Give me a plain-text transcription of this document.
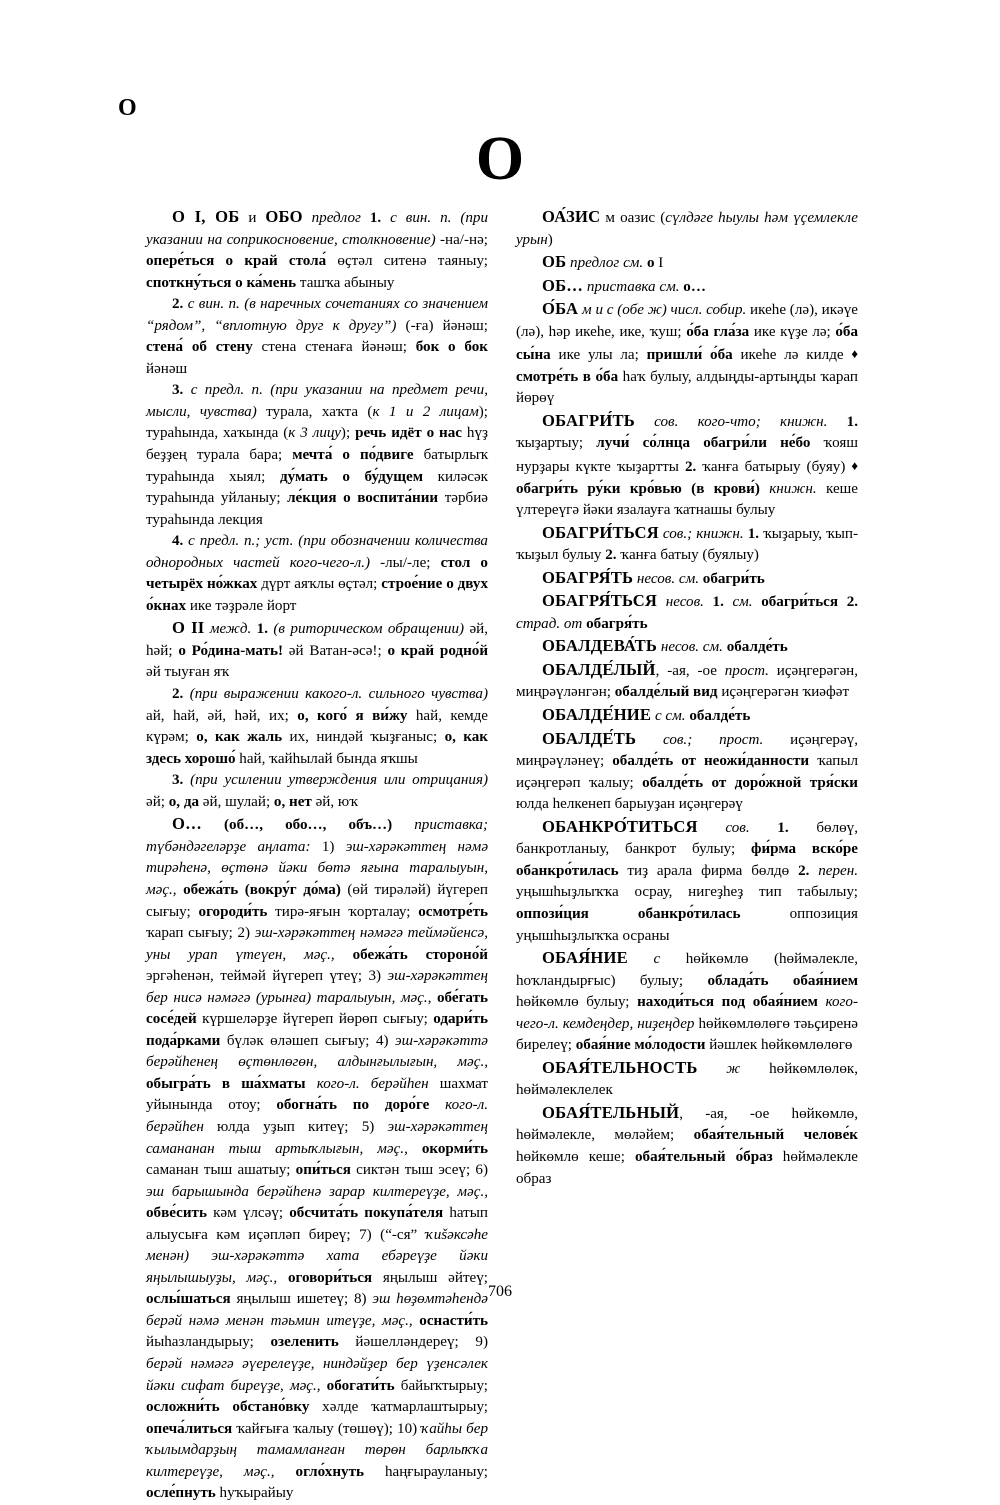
О
О

О I, ОБ и ОБО предлог 1. с вин. п. (при указании на соприкосновение, столкновение) -на/-нә; опере́ться о край стола́ өҫтәл ситенә таяныу; споткну́ться о ка́мень ташҡа абыныу

2. с вин. п. (в наречных сочетаниях со значением “рядом”, “вплотную друг к другу”) (-ға) йәнәш; стена́ об стену стена стенаға йәнәш; бок о бок йәнәш

3. с предл. п. (при указании на предмет речи, мысли, чувства) турала, хаҡта (к 1 и 2 лицам); тураһында, хаҡында (к 3 лицу); речь идёт о нас һүҙ беҙҙең турала бара; мечта́ о по́двиге батырлыҡ тураһында хыял; ду́мать о бу́дущем киләсәк тураһында уйланыу; ле́кция о воспита́нии тәрбиә тураһында лекция

4. с предл. п.; уст. (при обозначении количества однородных частей кого-чего-л.) -лы/-ле; стол о четырёх но́жках дүрт аяҡлы өҫтәл; строе́ние о двух о́кнах ике тәҙрәле йорт

О II межд. 1. (в риторическом обращении) әй, һәй; о Ро́дина-мать! әй Ватан-әсә!; о край родно́й әй тыуған яҡ

2. (при выражении какого-л. сильного чувства) ай, һай, әй, һәй, их; о, кого́ я ви́жу һай, кемде күрәм; о, как жаль их, ниндәй ҡыҙғаныс; о, как здесь хорошо́ һай, ҡайһылай бында яҡшы

3. (при усилении утверждения или отрицания) әй; о, да әй, шулай; о, нет әй, юҡ

О… (об…, обо…, объ…) приставка; түбәндәгеләрҙе аңлата: 1) эш-хәрәкәттең нәмә тирәһенә, өҫтөнә йәки бөтә яғына таралыуын, мәҫ., обежа́ть (вокру́г до́ма) (өй тирәләй) йүгереп сығыу; огороди́ть тирә-яғын ҡорталау; осмотре́ть ҡарап сығыу; 2) эш-хәрәкәттең нәмәгә теймәйенсә, уны урап үтеүен, мәҫ., обежа́ть стороно́й эргәһенән, теймәй йүгереп үтеү; 3) эш-хәрәкәттең бер нисә нәмәгә (урынға) таралыуын, мәҫ., обе́гать сосе́дей күршеләрҙе йүгереп йөрөп сығыу; одари́ть пода́рками бүләк өләшеп сығыу; 4) эш-хәрәкәттә берәйһенең өҫтөнлөгөн, алдынғылығын, мәҫ., обыгра́ть в ша́хматы кого-л. берәйһен шахмат уйынында отоу; обогна́ть по доро́ге кого-л. берәйһен юлда уҙып китеү; 5) эш-хәрәкәттең самананан тыш артыҡлығын, мәҫ., окорми́ть саманан тыш ашатыу; опи́ться сиктән тыш эсеү; 6) эш барышында берәйһенә зарар килтереүҙе, мәҫ., обве́сить кәм үлсәү; обсчита́ть покупа́теля һатып алыусыға кәм иҫәпләп биреү; 7) (“-ся” ҡušәксәһе менән) эш-хәрәкәттә хата ебәреүҙе йәки яңылышыуҙы, мәҫ., оговори́ться яңылыш әйтеү; ослы́шаться яңылыш ишетеү; 8) эш һөҙөмтәһендә берәй нәмә менән тәьмин итеүҙе, мәҫ., оснасти́ть йыһазландырыу; озеленить йәшелләндереү; 9) берәй нәмәгә әүерелеүҙе, ниндәйҙер бер үҙенсәлек йәки сифат биреүҙе, мәҫ., обогати́ть байыҡтырыу; осложни́ть обстано́вку хәлде ҡатмарлаштырыу; опеча́литься ҡайғыға ҡалыу (төшөү); 10) ҡайһы бер ҡылымдарҙың тамамланған төрөн барлыҡҡа килтереүҙе, мәҫ., огло́хнуть һаңғырауланыу; осле́пнуть һуҡырайыу

ОА́ЗИС м оазис (сүлдәге һыулы һәм үҫемлекле урын)

ОБ предлог см. о I

ОБ… приставка см. о…

О́БА м и с (обе ж) числ. собир. икеһе (лә), икәүе (лә), һәр икеһе, ике, ҡуш; о́ба гла́за ике күҙе лә; о́ба сы́на ике улы ла; пришли́ о́ба икеһе лә килде ♦ смотре́ть в о́ба һаҡ булыу, алдыңды-артыңды ҡарап йөрөү

ОБАГРИ́ТЬ сов. кого-что; книжн. 1. ҡыҙартыу; лучи́ со́лнца обагри́ли не́бо ҡояш нурҙары күкте ҡыҙартты 2. ҡанға батырыу (буяу) ♦ обагри́ть ру́ки кро́вью (в крови́) книжн. кеше үлтереүгә йәки язалауға ҡатнашы булыу

ОБАГРИ́ТЬСЯ сов.; книжн. 1. ҡыҙарыу, ҡып-ҡыҙыл булыу 2. ҡанға батыу (буялыу)

ОБАГРЯ́ТЬ несов. см. обагри́ть

ОБАГРЯ́ТЬСЯ несов. 1. см. обагри́ться 2. страд. от обагря́ть

ОБАЛДЕВА́ТЬ несов. см. обалде́ть

ОБАЛДЕ́ЛЫЙ, -ая, -ое прост. иҫәңгерәгән, миңрәүләнгән; обалде́лый вид иҫәңгерәгән ҡиәфәт

ОБАЛДЕ́НИЕ с см. обалде́ть

ОБАЛДЕ́ТЬ сов.; прост. иҫәңгерәү, миңрәүләнеү; обалде́ть от неожи́данности ҡапыл иҫәңгерәп ҡалыу; обалде́ть от доро́жной тря́ски юлда һелкенеп барыуҙан иҫәңгерәү

ОБАНКРО́ТИТЬСЯ сов. 1. бөлөү, банкротланыу, банкрот булыу; фи́рма вско́ре обанкро́тилась тиҙ арала фирма бөлдө 2. перен. уңышһыҙлыҡҡа осрау, нигеҙһеҙ тип табылыу; оппози́ция обанкро́тилась оппозиция уңышһыҙлыҡҡа осраны

ОБАЯ́НИЕ с һөйкөмлө (һөймәлекле, һоҡландырғыс) булыу; облада́ть обая́нием һөйкөмлө булыу; находи́ться под обая́нием кого-чего-л. кемдеңдер, ниҙеңдер һөйкөмлөлөгө тәьҫиренә бирелеү; обая́ние мо́лодости йәшлек һөйкөмлөлөгө

ОБАЯ́ТЕЛЬНОСТЬ ж һөйкөмлөлөк, һөймәлеклелек

ОБАЯ́ТЕЛЬНЫЙ, -ая, -ое һөйкөмлө, һөймәлекле, мөләйем; обая́тельный челове́к һөйкөмлө кеше; обая́тельный о́браз һөймәлекле образ

706
